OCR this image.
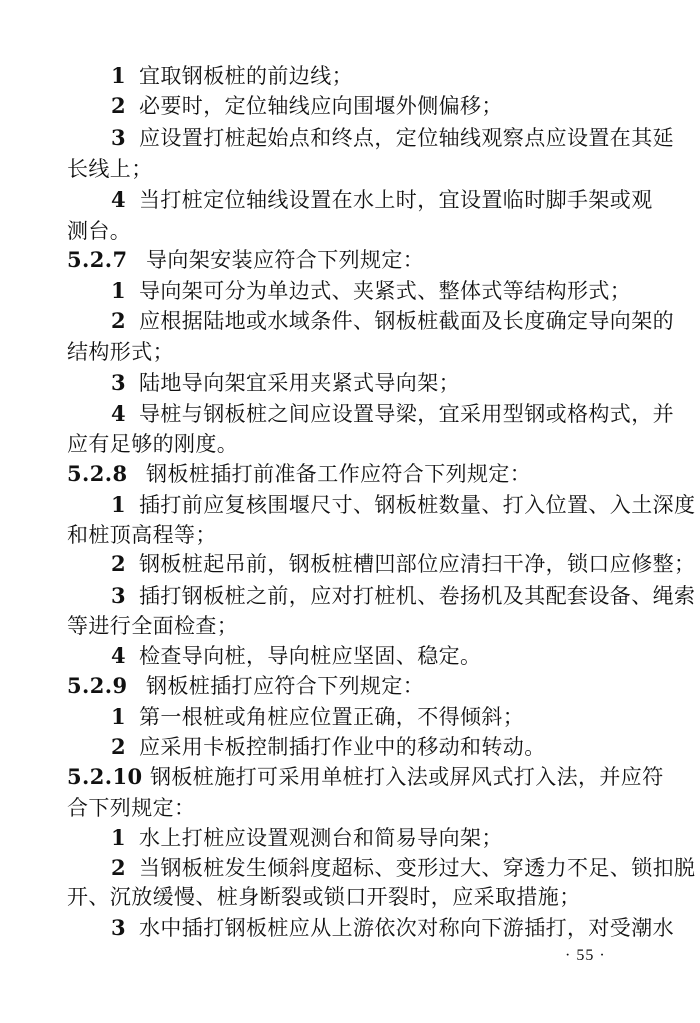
1 宜取钢板桩的前边线；
2 必要时，定位轴线应向围堰外侧偏移；
3 应设置打桩起始点和终点，定位轴线观察点应设置在其延
长线上；
4 当打桩定位轴线设置在水上时，宜设置临时脚手架或观
测台。
5.2.7 导向架安装应符合下列规定：
1 导向架可分为单边式、夹紧式、整体式等结构形式；
2 应根据陆地或水域条件、钢板桩截面及长度确定导向架的
结构形式；
3 陆地导向架宜采用夹紧式导向架；
4 导桩与钢板桩之间应设置导梁，宜采用型钢或格构式，并
应有足够的刚度。
5.2.8 钢板桩插打前准备工作应符合下列规定：
1 插打前应复核围堰尺寸、钢板桩数量、打入位置、入土深度
和桩顶高程等；
2 钢板桩起吊前，钢板桩槽凹部位应清扫干净，锁口应修整；
3 插打钢板桩之前，应对打桩机、卷扬机及其配套设备、绳索
等进行全面检查；
4 检查导向桩，导向桩应坚固、稳定。
5.2.9 钢板桩插打应符合下列规定：
1 第一根桩或角桩应位置正确，不得倾斜；
2 应采用卡板控制插打作业中的移动和转动。
5.2.10 钢板桩施打可采用单桩打入法或屏风式打入法，并应符
合下列规定：
1 水上打桩应设置观测台和简易导向架；
2 当钢板桩发生倾斜度超标、变形过大、穿透力不足、锁扣脱
开、沉放缓慢、桩身断裂或锁口开裂时，应采取措施；
3 水中插打钢板桩应从上游依次对称向下游插打，对受潮水
· 55 ·
